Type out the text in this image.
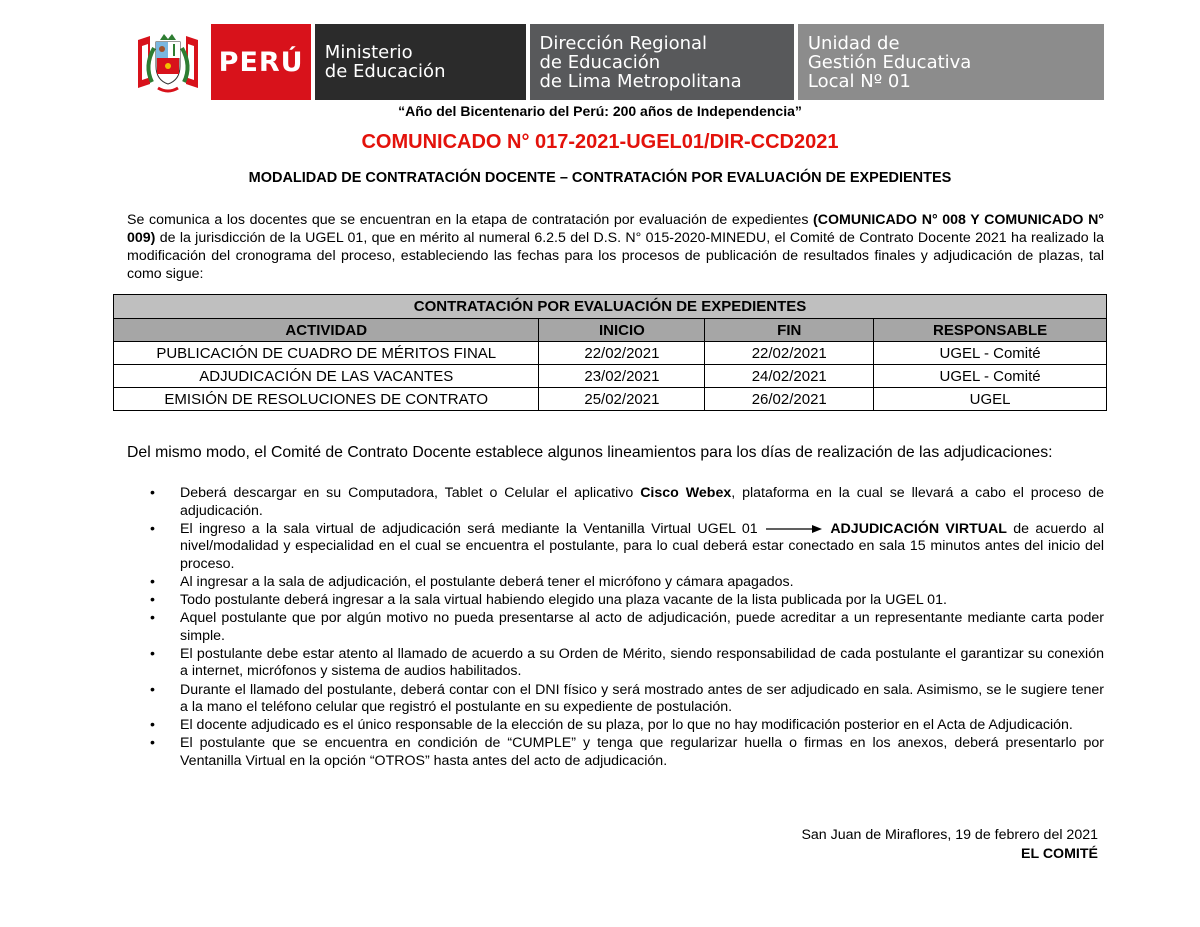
PERÚ	Ministerio
de Educación
Dirección Regional
de Educación
de Lima Metropolitana
Unidad de
Gestión Educativa
Local Nº 01
“Año del Bicentenario del Perú: 200 años de Independencia”
COMUNICADO N° 017-2021-UGEL01/DIR-CCD2021
MODALIDAD DE CONTRATACIÓN DOCENTE – CONTRATACIÓN POR EVALUACIÓN DE EXPEDIENTES
Se comunica a los docentes que se encuentran en la etapa de contratación por evaluación de expedientes (COMUNICADO N° 008 Y COMUNICADO N° 009) de la jurisdicción de la UGEL 01, que en mérito al numeral 6.2.5 del D.S. N° 015-2020-MINEDU, el Comité de Contrato Docente 2021 ha realizado la modificación del cronograma del proceso, estableciendo las fechas para los procesos de publicación de resultados finales y adjudicación de plazas, tal como sigue:
CONTRATACIÓN POR EVALUACIÓN DE EXPEDIENTES			
ACTIVIDAD	INICIO	FIN	RESPONSABLE
PUBLICACIÓN DE CUADRO DE MÉRITOS FINAL	22/02/2021	22/02/2021	UGEL - Comité
ADJUDICACIÓN DE LAS VACANTES	23/02/2021	24/02/2021	UGEL - Comité
EMISIÓN DE RESOLUCIONES DE CONTRATO	25/02/2021	26/02/2021	UGEL
Del mismo modo, el Comité de Contrato Docente establece algunos lineamientos para los días de realización de las adjudicaciones:
• Deberá descargar en su Computadora, Tablet o Celular el aplicativo Cisco Webex, plataforma en la cual se llevará a cabo el proceso de adjudicación.
• El ingreso a la sala virtual de adjudicación será mediante la Ventanilla Virtual UGEL 01	ADJUDICACIÓN VIRTUAL de acuerdo al nivel/modalidad y especialidad en el cual se encuentra el postulante, para lo cual deberá estar conectado en sala 15 minutos antes del inicio del proceso.
• Al ingresar a la sala de adjudicación, el postulante deberá tener el micrófono y cámara apagados.
• Todo postulante deberá ingresar a la sala virtual habiendo elegido una plaza vacante de la lista publicada por la UGEL 01.
• Aquel postulante que por algún motivo no pueda presentarse al acto de adjudicación, puede acreditar a un representante mediante carta poder simple.
• El postulante debe estar atento al llamado de acuerdo a su Orden de Mérito, siendo responsabilidad de cada postulante el garantizar su conexión a internet, micrófonos y sistema de audios habilitados.
• Durante el llamado del postulante, deberá contar con el DNI físico y será mostrado antes de ser adjudicado en sala. Asimismo, se le sugiere tener a la mano el teléfono celular que registró el postulante en su expediente de postulación.
• El docente adjudicado es el único responsable de la elección de su plaza, por lo que no hay modificación posterior en el Acta de Adjudicación.
• El postulante que se encuentra en condición de “CUMPLE” y tenga que regularizar huella o firmas en los anexos, deberá presentarlo por Ventanilla Virtual en la opción “OTROS” hasta antes del acto de adjudicación.
San Juan de Miraflores, 19 de febrero del 2021
EL COMITÉ
